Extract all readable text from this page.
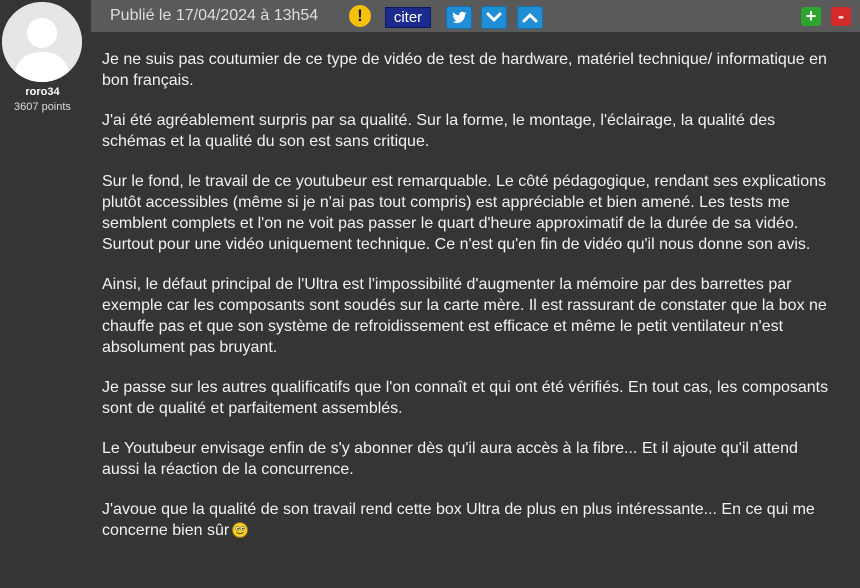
roro34
3607 points
Publié le 17/04/2024 à 13h54	!	citer	+	-

Je ne suis pas coutumier de ce type de vidéo de test de hardware, matériel technique/ informatique en bon français.

J'ai été agréablement surpris par sa qualité. Sur la forme, le montage, l'éclairage, la qualité des schémas et la qualité du son est sans critique.

Sur le fond, le travail de ce youtubeur est remarquable. Le côté pédagogique, rendant ses explications plutôt accessibles (même si je n'ai pas tout compris) est appréciable et bien amené. Les tests me semblent complets et l'on ne voit pas passer le quart d'heure approximatif de la durée de sa vidéo. Surtout pour une vidéo uniquement technique. Ce n'est qu'en fin de vidéo qu'il nous donne son avis.

Ainsi, le défaut principal de l'Ultra est l'impossibilité d'augmenter la mémoire par des barrettes par exemple car les composants sont soudés sur la carte mère. Il est rassurant de constater que la box ne chauffe pas et que son système de refroidissement est efficace et même le petit ventilateur n'est absolument pas bruyant.

Je passe sur les autres qualificatifs que l'on connaît et qui ont été vérifiés. En tout cas, les composants sont de qualité et parfaitement assemblés.

Le Youtubeur envisage enfin de s'y abonner dès qu'il aura accès à la fibre... Et il ajoute qu'il attend aussi la réaction de la concurrence.

J'avoue que la qualité de son travail rend cette box Ultra de plus en plus intéressante... En ce qui me concerne bien sûr
